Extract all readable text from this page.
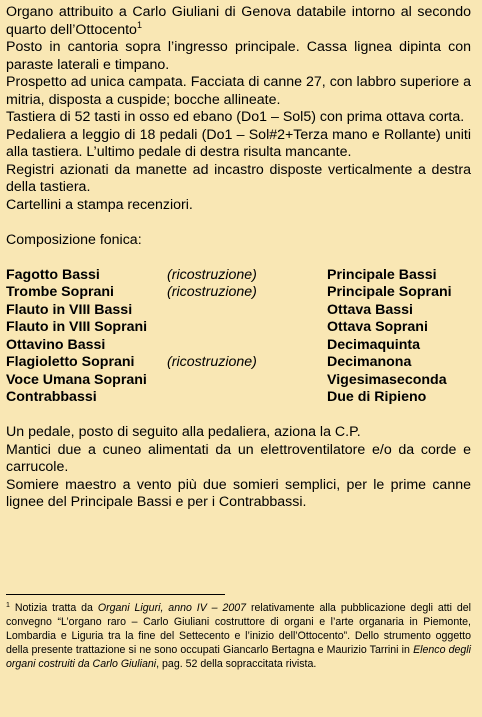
Organo attribuito a Carlo Giuliani di Genova databile intorno al secondo quarto dell’Ottocento$^1$

Posto in cantoria sopra l’ingresso principale. Cassa lignea dipinta con paraste laterali e timpano.

Prospetto ad unica campata. Facciata di canne 27, con labbro superiore a mitria, disposta a cuspide; bocche allineate.

Tastiera di 52 tasti in osso ed ebano (Do1 – Sol5) con prima ottava corta.

Pedaliera a leggio di 18 pedali (Do1 – Sol#2+Terza mano e Rollante) uniti alla tastiera. L’ultimo pedale di destra risulta mancante.

Registri azionati da manette ad incastro disposte verticalmente a destra della tastiera.

Cartellini a stampa recenziori.

Composizione fonica:

Fagotto Bassi	(ricostruzione)	Principale Bassi
Trombe Soprani	(ricostruzione)	Principale Soprani
Flauto in VIII Bassi	Ottava Bassi
Flauto in VIII Soprani	Ottava Soprani
Ottavino Bassi	Decimaquinta
Flagioletto Soprani	(ricostruzione)	Decimanona
Voce Umana Soprani	Vigesimaseconda
Contrabbassi	Due di Ripieno

Un pedale, posto di seguito alla pedaliera, aziona la C.P.

Mantici due a cuneo alimentati da un elettroventilatore e/o da corde e carrucole.

Somiere maestro a vento più due somieri semplici, per le prime canne lignee del Principale Bassi e per i Contrabbassi.

$^1$ Notizia tratta da Organi Liguri, anno IV – 2007 relativamente alla pubblicazione degli atti del convegno “L’organo raro – Carlo Giuliani costruttore di organi e l’arte organaria in Piemonte, Lombardia e Liguria tra la fine del Settecento e l’inizio dell’Ottocento”. Dello strumento oggetto della presente trattazione si ne sono occupati Giancarlo Bertagna e Maurizio Tarrini in Elenco degli organi costruiti da Carlo Giuliani, pag. 52 della sopraccitata rivista.
